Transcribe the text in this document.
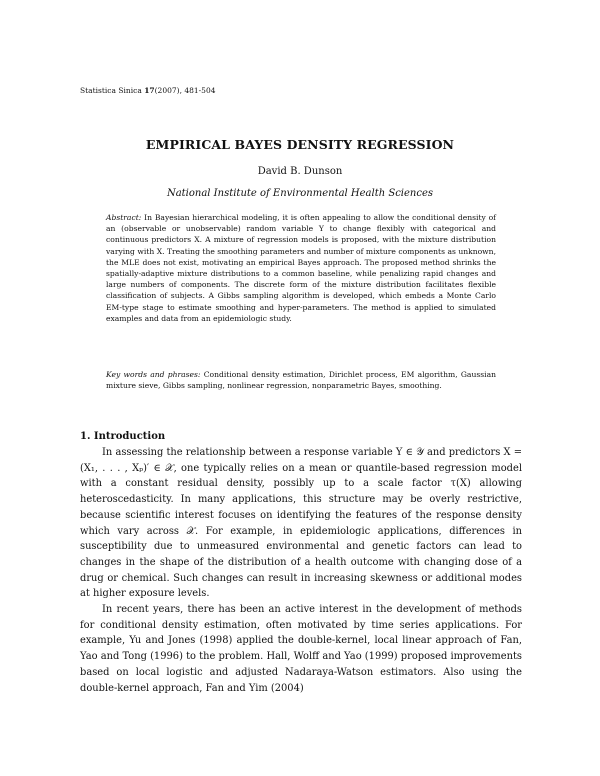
Statistica Sinica 17(2007), 481-504
EMPIRICAL BAYES DENSITY REGRESSION
David B. Dunson
National Institute of Environmental Health Sciences

Abstract: In Bayesian hierarchical modeling, it is often appealing to allow the conditional density of an (observable or unobservable) random variable Y to change flexibly with categorical and continuous predictors X. A mixture of regression models is proposed, with the mixture distribution varying with X. Treating the smoothing parameters and number of mixture components as unknown, the MLE does not exist, motivating an empirical Bayes approach. The proposed method shrinks the spatially-adaptive mixture distributions to a common baseline, while penalizing rapid changes and large numbers of components. The discrete form of the mixture distribution facilitates flexible classification of subjects. A Gibbs sampling algorithm is developed, which embeds a Monte Carlo EM-type stage to estimate smoothing and hyper-parameters. The method is applied to simulated examples and data from an epidemiologic study.

Key words and phrases: Conditional density estimation, Dirichlet process, EM algorithm, Gaussian mixture sieve, Gibbs sampling, nonlinear regression, nonparametric Bayes, smoothing.

1. Introduction

In assessing the relationship between a response variable Y ∈ 𝒴 and predictors X = (X₁, . . . , Xₚ)′ ∈ 𝒳, one typically relies on a mean or quantile-based regression model with a constant residual density, possibly up to a scale factor τ(X) allowing heteroscedasticity. In many applications, this structure may be overly restrictive, because scientific interest focuses on identifying the features of the response density which vary across 𝒳. For example, in epidemiologic applications, differences in susceptibility due to unmeasured environmental and genetic factors can lead to changes in the shape of the distribution of a health outcome with changing dose of a drug or chemical. Such changes can result in increasing skewness or additional modes at higher exposure levels.

In recent years, there has been an active interest in the development of methods for conditional density estimation, often motivated by time series applications. For example, Yu and Jones (1998) applied the double-kernel, local linear approach of Fan, Yao and Tong (1996) to the problem. Hall, Wolff and Yao (1999) proposed improvements based on local logistic and adjusted Nadaraya-Watson estimators. Also using the double-kernel approach, Fan and Yim (2004)
